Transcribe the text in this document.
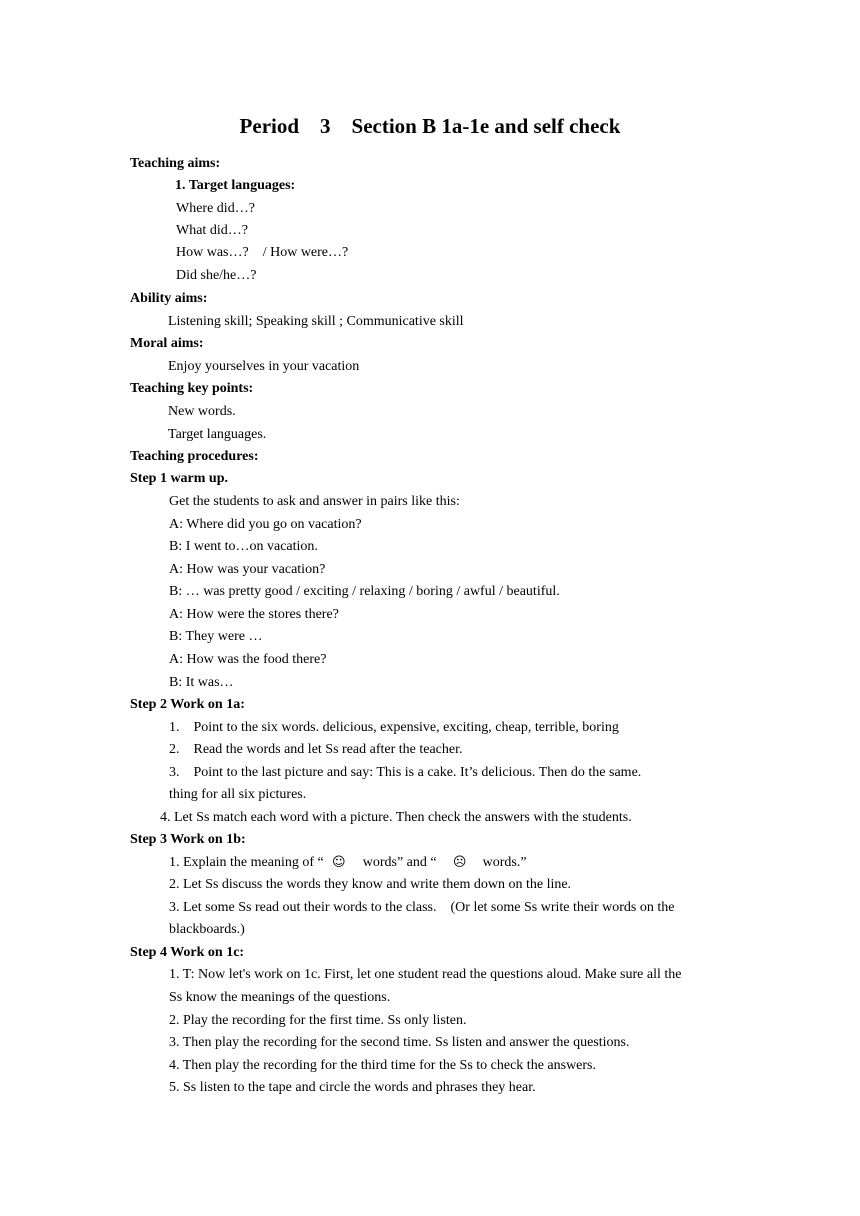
Period    3    Section B 1a-1e and self check
Teaching aims:
1. Target languages:
Where did…?
What did…?
How was…?    / How were…?
Did she/he…?
Ability aims:
Listening skill; Speaking skill ; Communicative skill
Moral aims:
Enjoy yourselves in your vacation
Teaching key points:
New words.
Target languages.
Teaching procedures:
Step 1 warm up.
Get the students to ask and answer in pairs like this:
A: Where did you go on vacation?
B: I went to…on vacation.
A: How was your vacation?
B: … was pretty good / exciting / relaxing / boring / awful / beautiful.
A: How were the stores there?
B: They were …
A: How was the food there?
B: It was…
Step 2 Work on 1a:
1.    Point to the six words. delicious, expensive, exciting, cheap, terrible, boring
2.    Read the words and let Ss read after the teacher.
3.    Point to the last picture and say: This is a cake. It’s delicious. Then do the same.
thing for all six pictures.
4. Let Ss match each word with a picture. Then check the answers with the students.
Step 3 Work on 1b:
1. Explain the meaning of “ ☺ words” and “ ☹ words.”
2. Let Ss discuss the words they know and write them down on the line.
3. Let some Ss read out their words to the class.    (Or let some Ss write their words on the
blackboards.)
Step 4 Work on 1c:
1. T: Now let's work on 1c. First, let one student read the questions aloud. Make sure all the
Ss know the meanings of the questions.
2. Play the recording for the first time. Ss only listen.
3. Then play the recording for the second time. Ss listen and answer the questions.
4. Then play the recording for the third time for the Ss to check the answers.
5. Ss listen to the tape and circle the words and phrases they hear.
